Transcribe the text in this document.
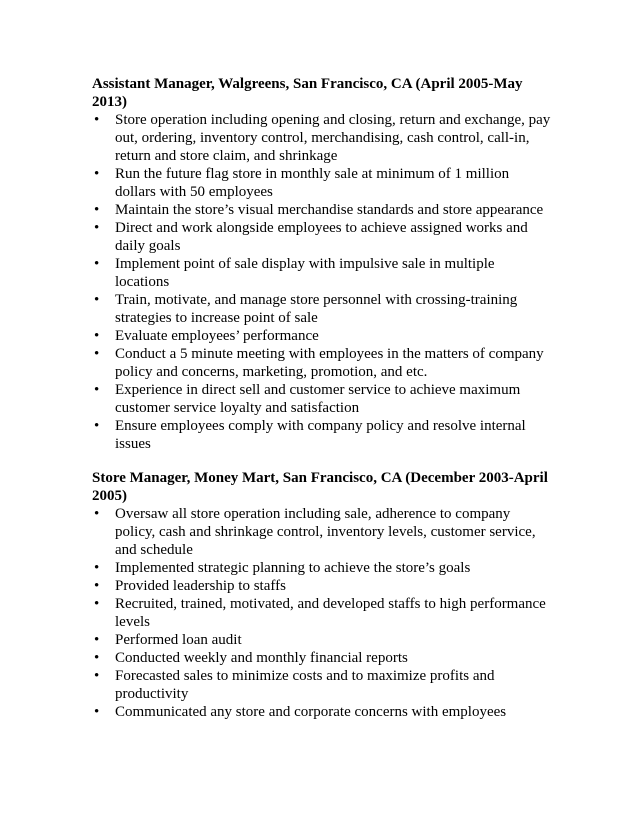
Assistant Manager, Walgreens, San Francisco, CA (April 2005-May 2013)

•	Store operation including opening and closing, return and exchange, pay out, ordering, inventory control, merchandising, cash control, call-in, return and store claim, and shrinkage
•	Run the future flag store in monthly sale at minimum of 1 million dollars with 50 employees
•	Maintain the store’s visual merchandise standards and store appearance
•	Direct and work alongside employees to achieve assigned works and daily goals
•	Implement point of sale display with impulsive sale in multiple locations
•	Train, motivate, and manage store personnel with crossing-training strategies to increase point of sale
•	Evaluate employees’ performance
•	Conduct a 5 minute meeting with employees in the matters of company policy and concerns, marketing, promotion, and etc.
•	Experience in direct sell and customer service to achieve maximum customer service loyalty and satisfaction
•	Ensure employees comply with company policy and resolve internal issues

Store Manager, Money Mart, San Francisco, CA (December 2003-April 2005)

•	Oversaw all store operation including sale, adherence to company policy, cash and shrinkage control, inventory levels, customer service, and schedule
•	Implemented strategic planning to achieve the store’s goals
•	Provided leadership to staffs
•	Recruited, trained, motivated, and developed staffs to high performance levels
•	Performed loan audit
•	Conducted weekly and monthly financial reports
•	Forecasted sales to minimize costs and to maximize profits and productivity
•	Communicated any store and corporate concerns with employees
